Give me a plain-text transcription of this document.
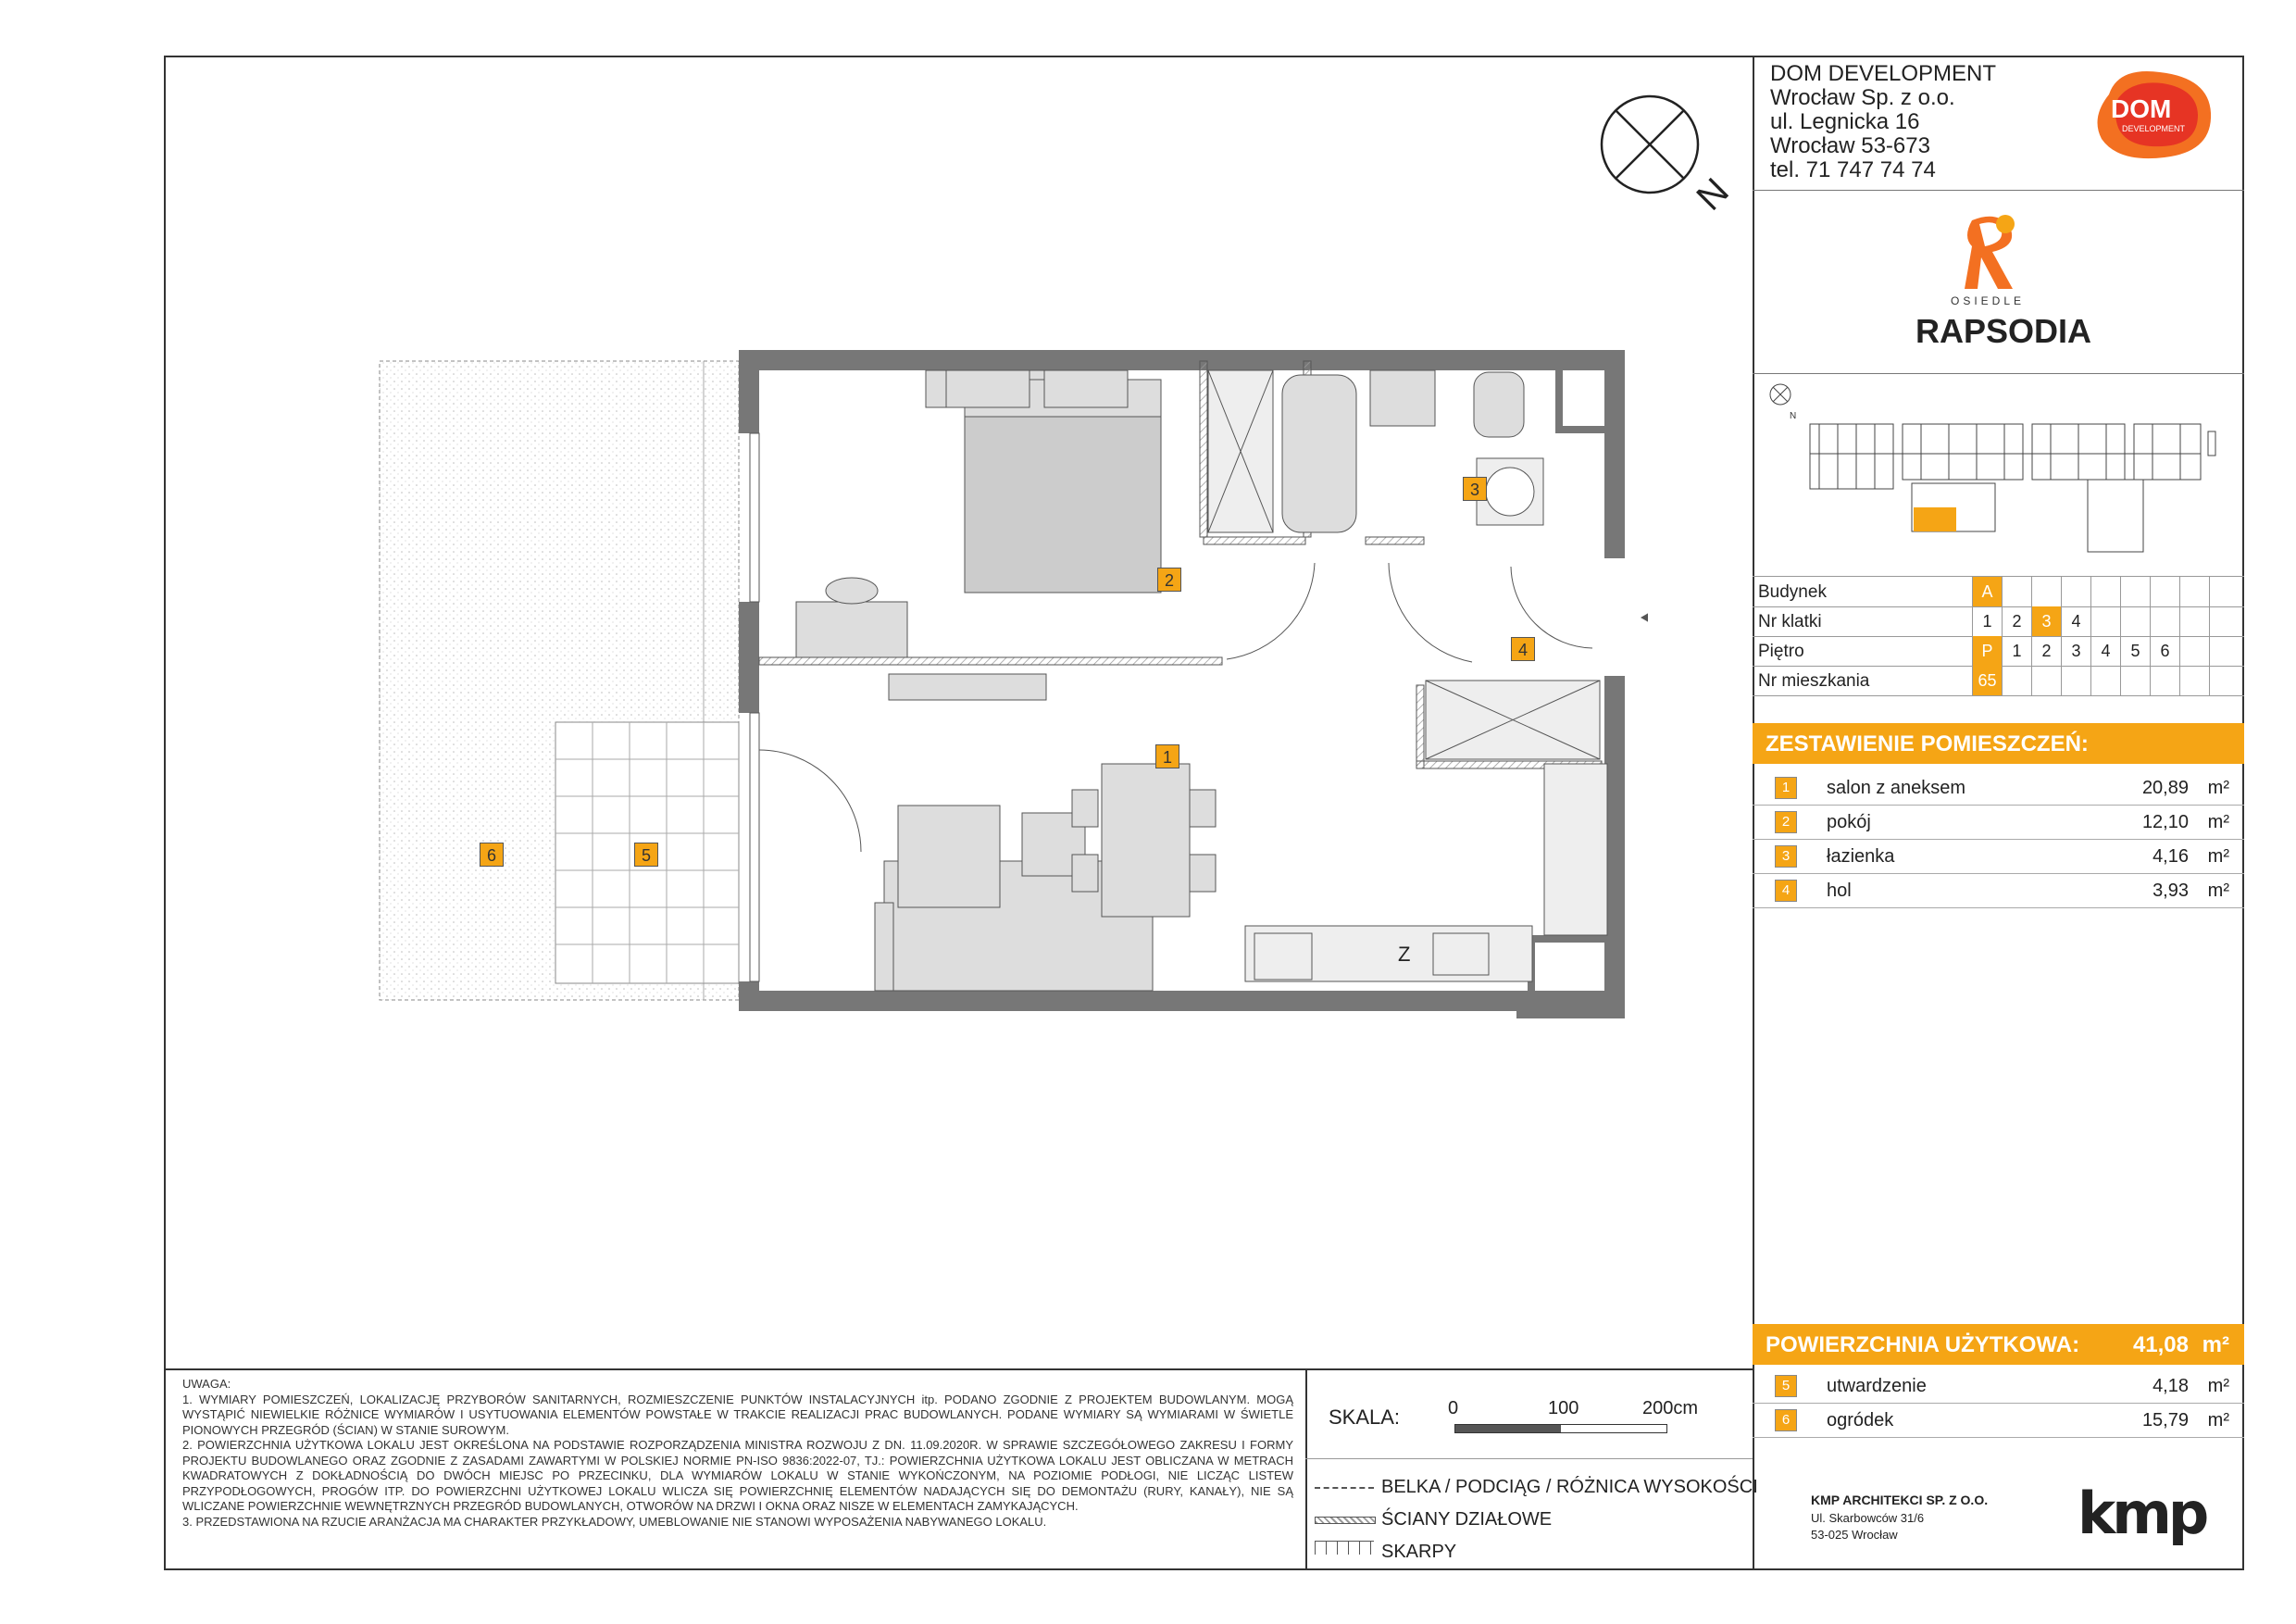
DOM DEVELOPMENT
Wrocław Sp. z o.o.
ul. Legnicka 16
Wrocław 53-673
tel. 71 747 74 74
DOM
DEVELOPMENT
OSIEDLE
RAPSODIA
N
Budynek	A
Nr klatki	1	2	3	4
Piętro	P	1	2	3	4	5	6
Nr mieszkania	65
ZESTAWIENIE POMIESZCZEŃ:
1	salon z aneksem	20,89 m²
2	pokój	12,10 m²
3	łazienka	4,16 m²
4	hol	3,93 m²
POWIERZCHNIA UŻYTKOWA: 41,08 m²
5	utwardzenie	4,18 m²
6	ogródek	15,79 m²
N
2
3
4
1
5
6
Z

UWAGA:

1. WYMIARY POMIESZCZEŃ, LOKALIZACJĘ PRZYBORÓW SANITARNYCH, ROZMIESZCZENIE PUNKTÓW INSTALACYJNYCH itp. PODANO ZGODNIE Z PROJEKTEM BUDOWLANYM. MOGĄ WYSTĄPIĆ NIEWIELKIE RÓŻNICE WYMIARÓW I USYTUOWANIA ELEMENTÓW POWSTAŁE W TRAKCIE REALIZACJI PRAC BUDOWLANYCH. PODANE WYMIARY SĄ WYMIARAMI W ŚWIETLE PIONOWYCH PRZEGRÓD (ŚCIAN) W STANIE SUROWYM.

2. POWIERZCHNIA UŻYTKOWA LOKALU JEST OKREŚLONA NA PODSTAWIE ROZPORZĄDZENIA MINISTRA ROZWOJU Z DN. 11.09.2020R. W SPRAWIE SZCZEGÓŁOWEGO ZAKRESU I FORMY PROJEKTU BUDOWLANEGO ORAZ ZGODNIE Z ZASADAMI ZAWARTYMI W POLSKIEJ NORMIE PN-ISO 9836:2022-07, TJ.: POWIERZCHNIA UŻYTKOWA LOKALU JEST OBLICZANA W METRACH KWADRATOWYCH Z DOKŁADNOŚCIĄ DO DWÓCH MIEJSC PO PRZECINKU, DLA WYMIARÓW LOKALU W STANIE WYKOŃCZONYM, NA POZIOMIE PODŁOGI, NIE LICZĄC LISTEW PRZYPODŁOGOWYCH, PROGÓW ITP. DO POWIERZCHNI UŻYTKOWEJ LOKALU WLICZA SIĘ POWIERZCHNIĘ ELEMENTÓW NADAJĄCYCH SIĘ DO DEMONTAŻU (RURY, KANAŁY), NIE SĄ WLICZANE POWIERZCHNIE WEWNĘTRZNYCH PRZEGRÓD BUDOWLANYCH, OTWORÓW NA DRZWI I OKNA ORAZ NISZE W ELEMENTACH ZAMYKAJĄCYCH.

3. PRZEDSTAWIONA NA RZUCIE ARANŻACJA MA CHARAKTER PRZYKŁADOWY, UMEBLOWANIE NIE STANOWI WYPOSAŻENIA NABYWANEGO LOKALU.

SKALA:	0	100	200cm
BELKA / PODCIĄG / RÓŻNICA WYSOKOŚCI
ŚCIANY DZIAŁOWE
SKARPY
KMP ARCHITEKCI SP. Z O.O.
Ul. Skarbowców 31/6
53-025 Wrocław	kmp
